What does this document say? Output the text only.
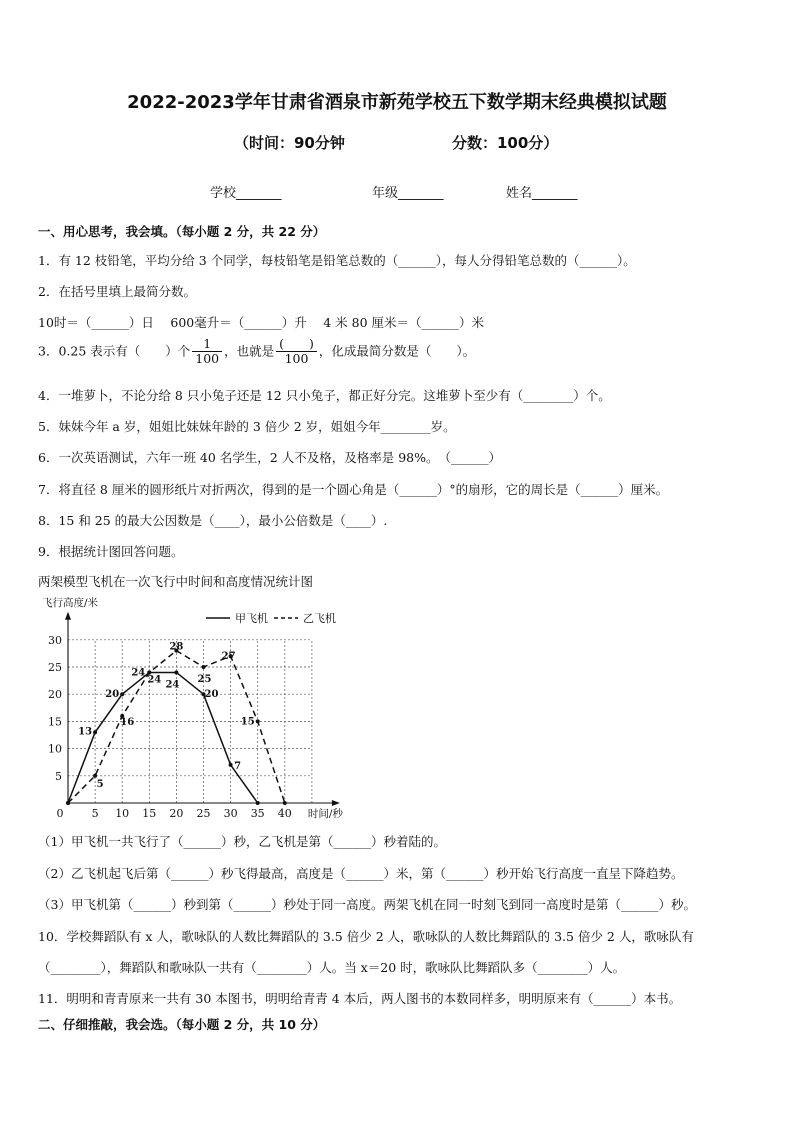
2022-2023学年甘肃省酒泉市新苑学校五下数学期末经典模拟试题
（时间：90分钟	分数：100分）
学校_______	年级_______	姓名_______
一、用心思考，我会填。（每小题 2 分，共 22 分）
1．有 12 枝铅笔，平均分给 3 个同学，每枝铅笔是铅笔总数的（______），每人分得铅笔总数的（______）。
2．在括号里填上最简分数。
10时＝（______）日　 600毫升＝（______）升　 4 米 80 厘米＝（______）米
3．0.25 表示有（　　）个 $\frac{1}{100}$ ，也就是 $\frac{( )}{100}$ ，化成最简分数是（　　）。
4．一堆萝卜，不论分给 8 只小兔子还是 12 只小兔子，都正好分完。这堆萝卜至少有（________）个。
5．妹妹今年 a 岁，姐姐比妹妹年龄的 3 倍少 2 岁，姐姐今年________岁。
6．一次英语测试，六年一班 40 名学生，2 人不及格，及格率是 98%。　（______）
7．将直径 8 厘米的圆形纸片对折两次，得到的是一个圆心角是（______）°的扇形，它的周长是（______）厘米。
8．15 和 25 的最大公因数是（____），最小公倍数是（____）.
9．根据统计图回答问题。
两架模型飞机在一次飞行中时间和高度情况统计图
飞行高度/米
时间/秒
0	5 10 15 20 25 30 35 40
5
10
15
20
25
30
13
20
24
24
20
7
5
16
24
28
25
27
15
甲飞机	乙飞机
（1）甲飞机一共飞行了（______）秒，乙飞机是第（______）秒着陆的。
（2）乙飞机起飞后第（______）秒飞得最高，高度是（______）米，第（______）秒开始飞行高度一直呈下降趋势。
（3）甲飞机第（______）秒到第（______）秒处于同一高度。两架飞机在同一时刻飞到同一高度时是第（______）秒。
10．学校舞蹈队有 x 人，歌咏队的人数比舞蹈队的 3.5 倍少 2 人，歌咏队的人数比舞蹈队的 3.5 倍少 2 人，歌咏队有
（________），舞蹈队和歌咏队一共有（________）人。当 x＝20 时，歌咏队比舞蹈队多（________）人。
11．明明和青青原来一共有 30 本图书，明明给青青 4 本后，两人图书的本数同样多，明明原来有（______）本书。
二、仔细推敲，我会选。（每小题 2 分，共 10 分）
